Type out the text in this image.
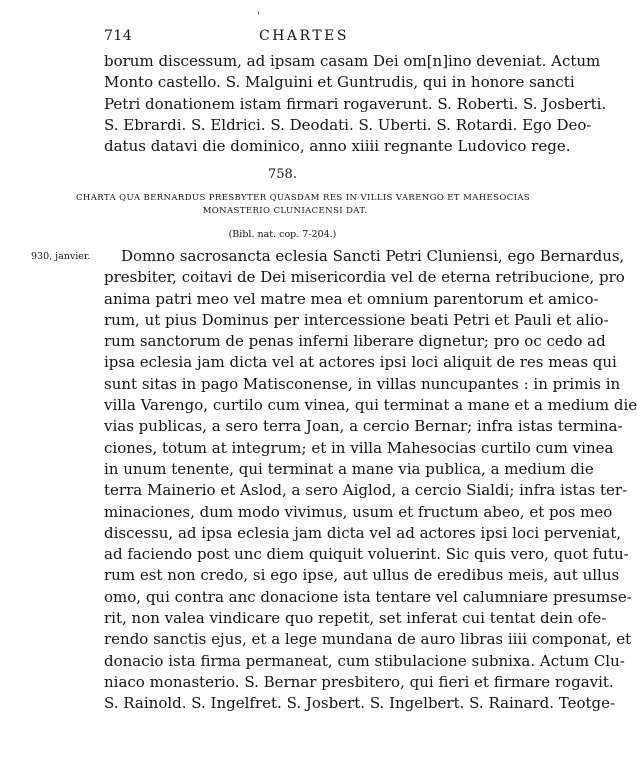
'
714	CHARTES
borum discessum, ad ipsam casam Dei om[n]ino deveniat. Actum
Monto castello. S. Malguini et Guntrudis, qui in honore sancti
Petri donationem istam firmari rogaverunt. S. Roberti. S. Josberti.
S. Ebrardi. S. Eldrici. S. Deodati. S. Uberti. S. Rotardi. Ego Deo-
datus datavi die dominico, anno xiiii regnante Ludovico rege.
758.
CHARTA QUA BERNARDUS PRESBYTER QUASDAM RES IN VILLIS VARENGO ET MAHESOCIAS
MONASTERIO CLUNIACENSI DAT.
(Bibl. nat. cop. 7-204.)
930, janvier.	Domno sacrosancta eclesia Sancti Petri Cluniensi, ego Bernardus,
presbiter, coitavi de Dei misericordia vel de eterna retribucione, pro
anima patri meo vel matre mea et omnium parentorum et amico-
rum, ut pius Dominus per intercessione beati Petri et Pauli et alio-
rum sanctorum de penas inferni liberare dignetur; pro oc cedo ad
ipsa eclesia jam dicta vel at actores ipsi loci aliquit de res meas qui
sunt sitas in pago Matisconense, in villas nuncupantes : in primis in
villa Varengo, curtilo cum vinea, qui terminat a mane et a medium die
vias publicas, a sero terra Joan, a cercio Bernar; infra istas termina-
ciones, totum at integrum; et in villa Mahesocias curtilo cum vinea
in unum tenente, qui terminat a mane via publica, a medium die
terra Mainerio et Aslod, a sero Aiglod, a cercio Sialdi; infra istas ter-
minaciones, dum modo vivimus, usum et fructum abeo, et pos meo
discessu, ad ipsa eclesia jam dicta vel ad actores ipsi loci perveniat,
ad faciendo post unc diem quiquit voluerint. Sic quis vero, quot futu-
rum est non credo, si ego ipse, aut ullus de eredibus meis, aut ullus
omo, qui contra anc donacione ista tentare vel calumniare presumse-
rit, non valea vindicare quo repetit, set inferat cui tentat dein ofe-
rendo sanctis ejus, et a lege mundana de auro libras iiii componat, et
donacio ista firma permaneat, cum stibulacione subnixa. Actum Clu-
niaco monasterio. S. Bernar presbitero, qui fieri et firmare rogavit.
S. Rainold. S. Ingelfret. S. Josbert. S. Ingelbert. S. Rainard. Teotge-
